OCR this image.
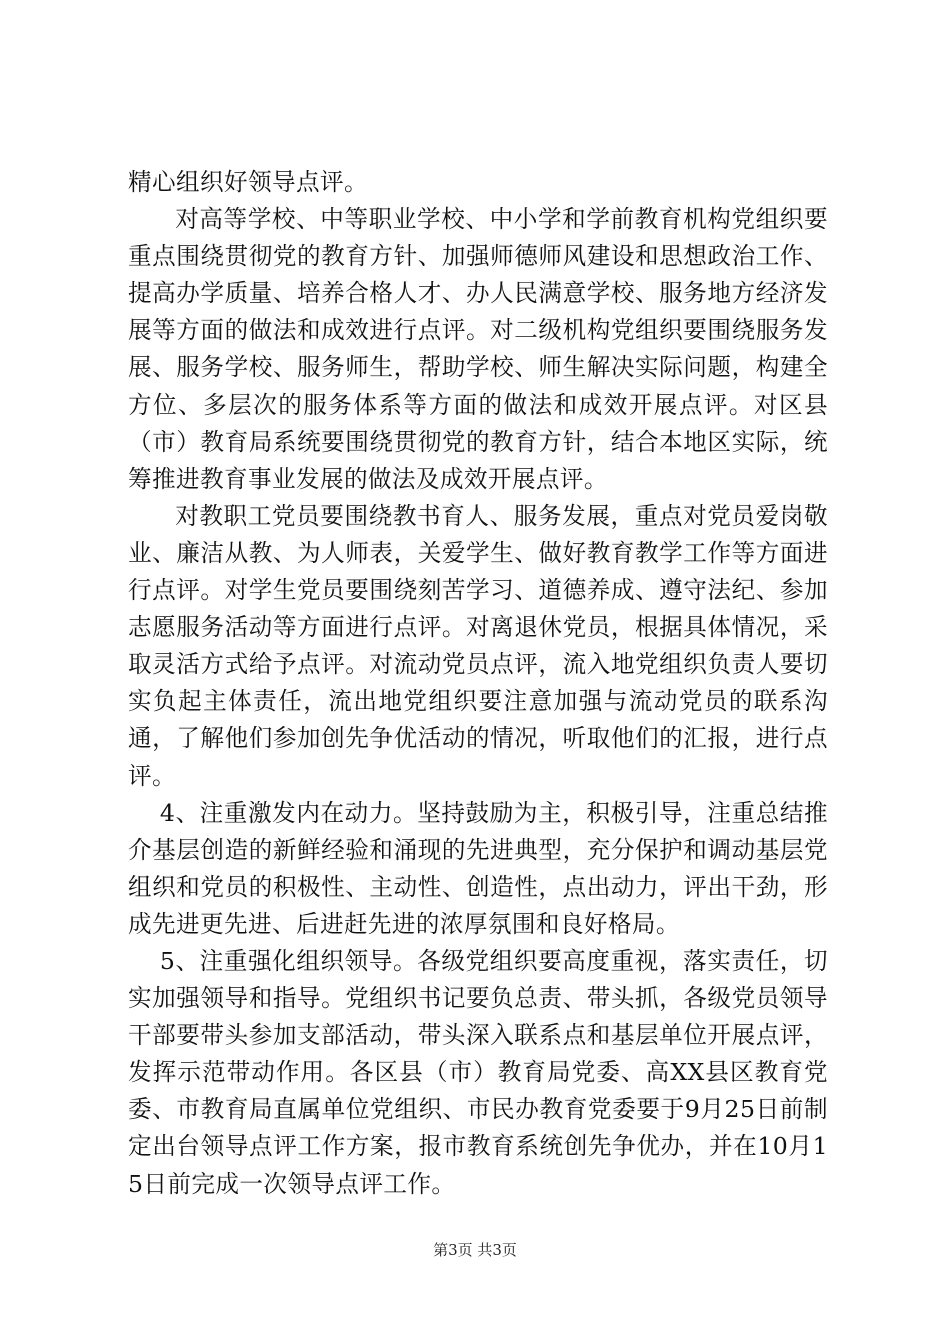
精心组织好领导点评。

对高等学校、中等职业学校、中小学和学前教育机构党组织要重点围绕贯彻党的教育方针、加强师德师风建设和思想政治工作、提高办学质量、培养合格人才、办人民满意学校、服务地方经济发展等方面的做法和成效进行点评。对二级机构党组织要围绕服务发展、服务学校、服务师生，帮助学校、师生解决实际问题，构建全方位、多层次的服务体系等方面的做法和成效开展点评。对区县（市）教育局系统要围绕贯彻党的教育方针，结合本地区实际，统筹推进教育事业发展的做法及成效开展点评。

对教职工党员要围绕教书育人、服务发展，重点对党员爱岗敬业、廉洁从教、为人师表，关爱学生、做好教育教学工作等方面进行点评。对学生党员要围绕刻苦学习、道德养成、遵守法纪、参加志愿服务活动等方面进行点评。对离退休党员，根据具体情况，采取灵活方式给予点评。对流动党员点评，流入地党组织负责人要切实负起主体责任，流出地党组织要注意加强与流动党员的联系沟通，了解他们参加创先争优活动的情况，听取他们的汇报，进行点评。

4、注重激发内在动力。坚持鼓励为主，积极引导，注重总结推介基层创造的新鲜经验和涌现的先进典型，充分保护和调动基层党组织和党员的积极性、主动性、创造性，点出动力，评出干劲，形成先进更先进、后进赶先进的浓厚氛围和良好格局。

5、注重强化组织领导。各级党组织要高度重视，落实责任，切实加强领导和指导。党组织书记要负总责、带头抓，各级党员领导干部要带头参加支部活动，带头深入联系点和基层单位开展点评，发挥示范带动作用。各区县（市）教育局党委、高XX县区教育党委、市教育局直属单位党组织、市民办教育党委要于9月25日前制定出台领导点评工作方案，报市教育系统创先争优办，并在10月15日前完成一次领导点评工作。

第3页 共3页
